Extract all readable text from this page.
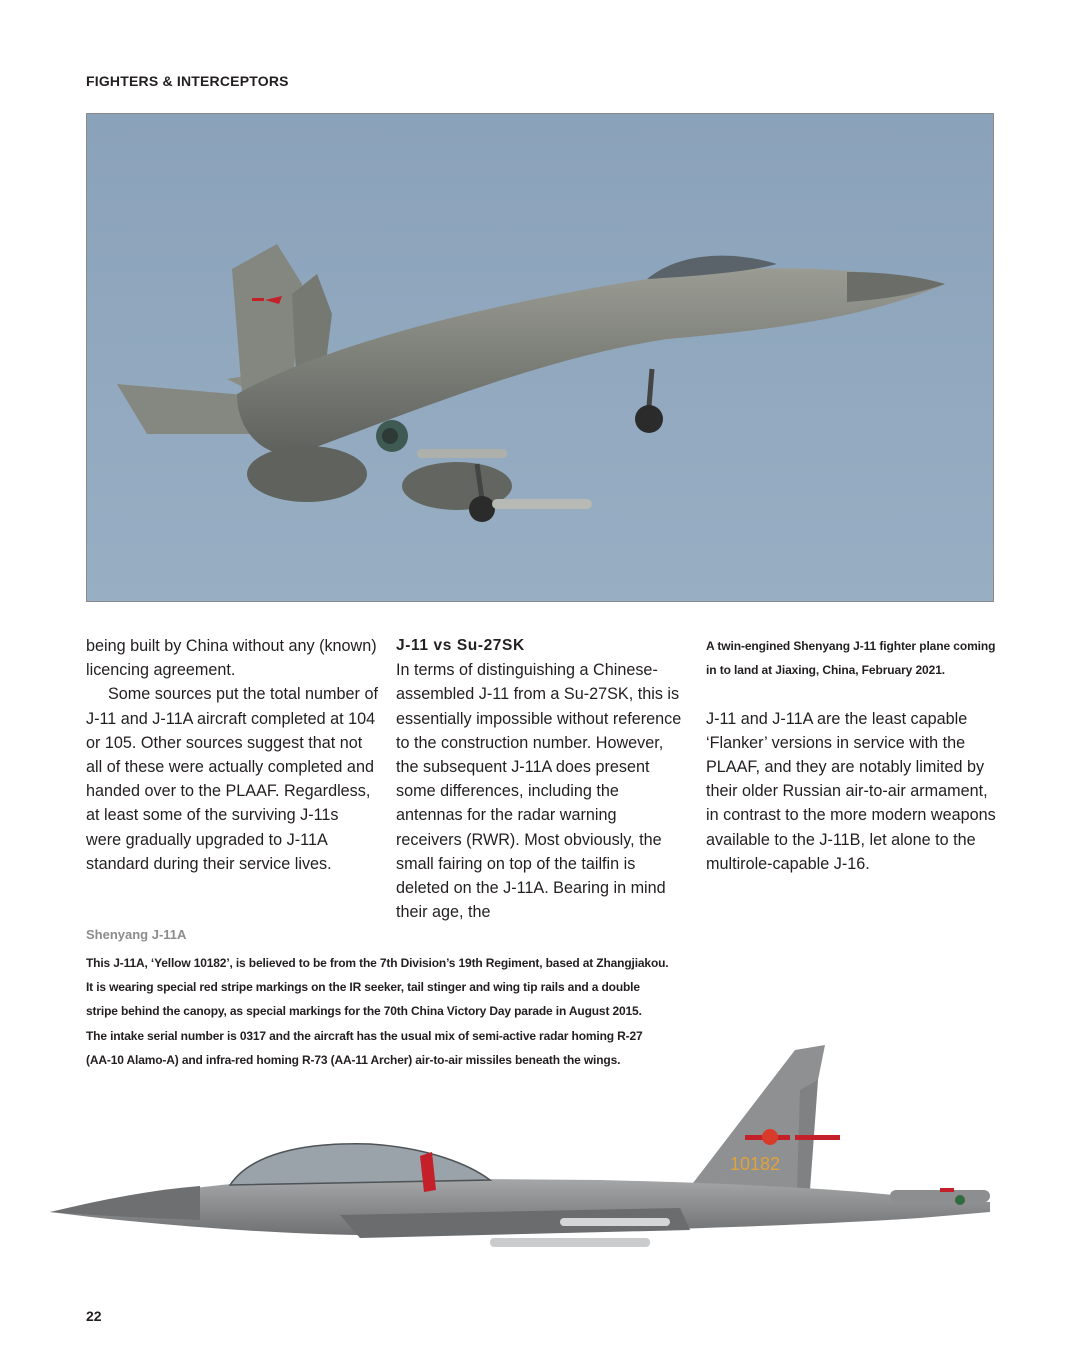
FIGHTERS & INTERCEPTORS

being built by China without any (known) licencing agreement.

Some sources put the total number of J-11 and J-11A aircraft completed at 104 or 105. Other sources suggest that not all of these were actually completed and handed over to the PLAAF. Regardless, at least some of the surviving J-11s were gradually upgraded to J-11A standard during their service lives.

J-11 vs Su-27SK

In terms of distinguishing a Chinese-assembled J-11 from a Su-27SK, this is essentially impossible without reference to the construction number. However, the subsequent J-11A does present some differences, including the antennas for the radar warning receivers (RWR). Most obviously, the small fairing on top of the tailfin is deleted on the J-11A. Bearing in mind their age, the

A twin-engined Shenyang J-11 fighter plane coming in to land at Jiaxing, China, February 2021.

J-11 and J-11A are the least capable ‘Flanker’ versions in service with the PLAAF, and they are notably limited by their older Russian air-to-air armament, in contrast to the more modern weapons available to the J-11B, let alone to the multirole-capable J-16.

Shenyang J-11A
This J-11A, ‘Yellow 10182’, is believed to be from the 7th Division’s 19th Regiment, based at Zhangjiakou.
It is wearing special red stripe markings on the IR seeker, tail stinger and wing tip rails and a double
stripe behind the canopy, as special markings for the 70th China Victory Day parade in August 2015.
The intake serial number is 0317 and the aircraft has the usual mix of semi-active radar homing R-27
(AA-10 Alamo-A) and infra-red homing R-73 (AA-11 Archer) air-to-air missiles beneath the wings.
10182
22
